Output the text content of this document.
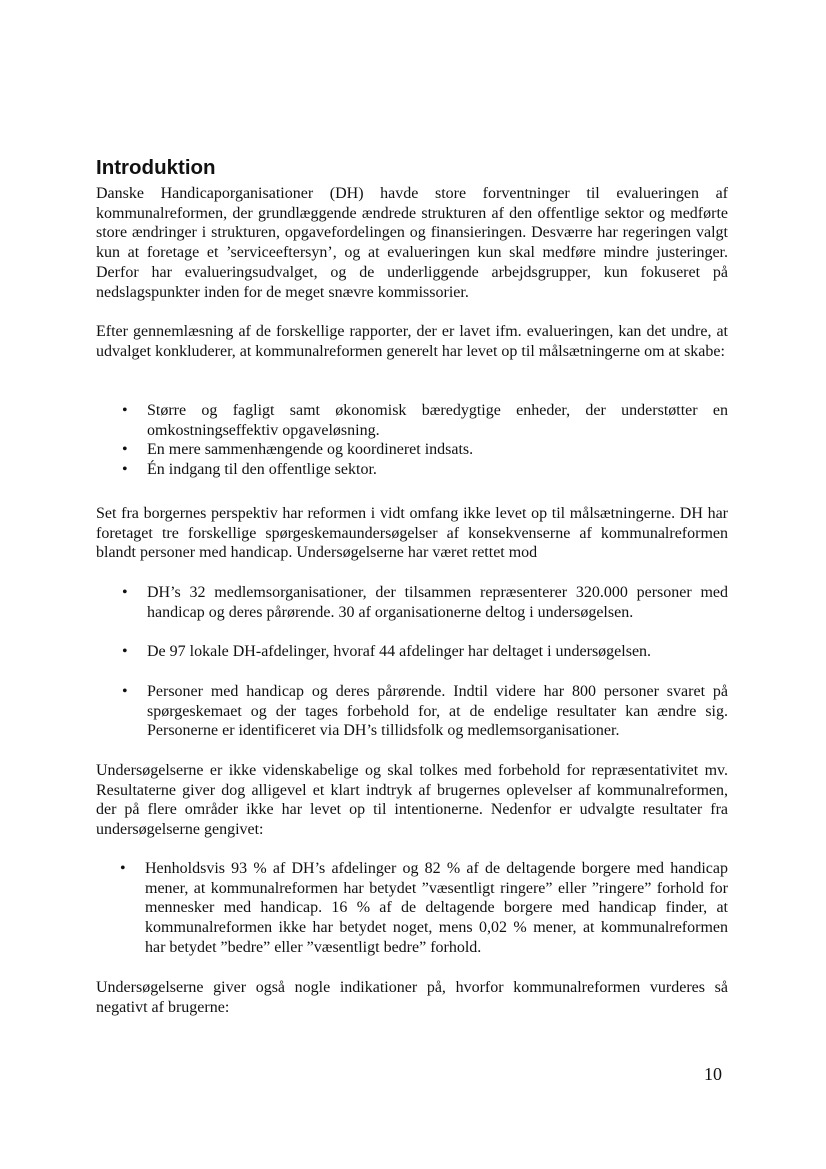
Introduktion

Danske Handicaporganisationer (DH) havde store forventninger til evalueringen af kommunalreformen, der grundlæggende ændrede strukturen af den offentlige sektor og medførte store ændringer i strukturen, opgavefordelingen og finansieringen. Desværre har regeringen valgt kun at foretage et ’serviceeftersyn’, og at evalueringen kun skal medføre mindre justeringer. Derfor har evalueringsudvalget, og de underliggende arbejdsgrupper, kun fokuseret på nedslagspunkter inden for de meget snævre kommissorier.

Efter gennemlæsning af de forskellige rapporter, der er lavet ifm. evalueringen, kan det undre, at udvalget konkluderer, at kommunalreformen generelt har levet op til målsætningerne om at skabe:

• Større og fagligt samt økonomisk bæredygtige enheder, der understøtter en omkostningseffektiv opgaveløsning.
• En mere sammenhængende og koordineret indsats.
• Én indgang til den offentlige sektor.

Set fra borgernes perspektiv har reformen i vidt omfang ikke levet op til målsætningerne. DH har foretaget tre forskellige spørgeskemaundersøgelser af konsekvenserne af kommunalreformen blandt personer med handicap. Undersøgelserne har været rettet mod

• DH’s 32 medlemsorganisationer, der tilsammen repræsenterer 320.000 personer med handicap og deres pårørende. 30 af organisationerne deltog i undersøgelsen.
• De 97 lokale DH-afdelinger, hvoraf 44 afdelinger har deltaget i undersøgelsen.
• Personer med handicap og deres pårørende. Indtil videre har 800 personer svaret på spørgeskemaet og der tages forbehold for, at de endelige resultater kan ændre sig. Personerne er identificeret via DH’s tillidsfolk og medlemsorganisationer.

Undersøgelserne er ikke videnskabelige og skal tolkes med forbehold for repræsentativitet mv. Resultaterne giver dog alligevel et klart indtryk af brugernes oplevelser af kommunalreformen, der på flere områder ikke har levet op til intentionerne. Nedenfor er udvalgte resultater fra undersøgelserne gengivet:

• Henholdsvis 93 % af DH’s afdelinger og 82 % af de deltagende borgere med handicap mener, at kommunalreformen har betydet ”væsentligt ringere” eller ”ringere” forhold for mennesker med handicap. 16 % af de deltagende borgere med handicap finder, at kommunalreformen ikke har betydet noget, mens 0,02 % mener, at kommunalreformen har betydet ”bedre” eller ”væsentligt bedre” forhold.

Undersøgelserne giver også nogle indikationer på, hvorfor kommunalreformen vurderes så negativt af brugerne:

10
